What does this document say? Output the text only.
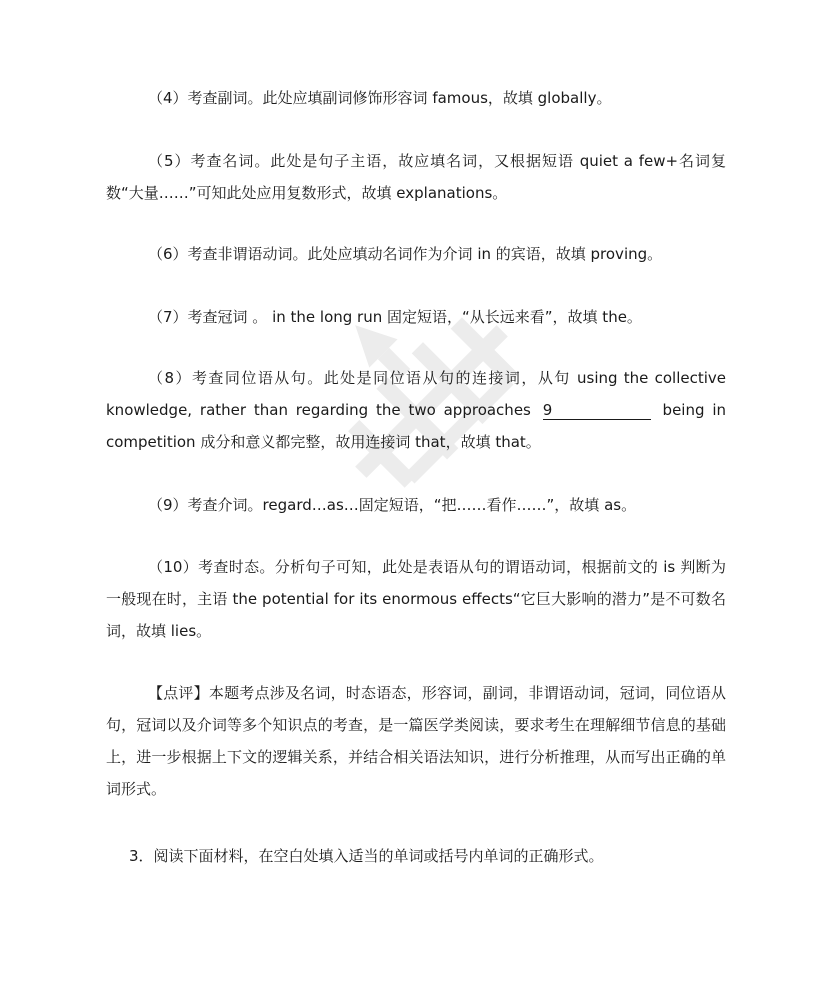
（4）考查副词。此处应填副词修饰形容词 famous，故填 globally。

（5）考查名词。此处是句子主语，故应填名词，又根据短语 quiet a few+名词复数“大量……”可知此处应用复数形式，故填 explanations。

（6）考查非谓语动词。此处应填动名词作为介词 in 的宾语，故填 proving。

（7）考查冠词 。 in the long run 固定短语，“从长远来看”，故填 the。

（8）考查同位语从句。此处是同位语从句的连接词，从句 using the collective knowledge, rather than regarding the two approaches 9	being in competition 成分和意义都完整，故用连接词 that，故填 that。

（9）考查介词。regard…as…固定短语，“把……看作……”，故填 as。

（10）考查时态。分析句子可知，此处是表语从句的谓语动词，根据前文的 is 判断为一般现在时，主语 the potential for its enormous effects“它巨大影响的潜力”是不可数名词，故填 lies。

【点评】本题考点涉及名词，时态语态，形容词，副词，非谓语动词，冠词，同位语从句，冠词以及介词等多个知识点的考查，是一篇医学类阅读，要求考生在理解细节信息的基础上，进一步根据上下文的逻辑关系，并结合相关语法知识，进行分析推理，从而写出正确的单词形式。

3．阅读下面材料，在空白处填入适当的单词或括号内单词的正确形式。
